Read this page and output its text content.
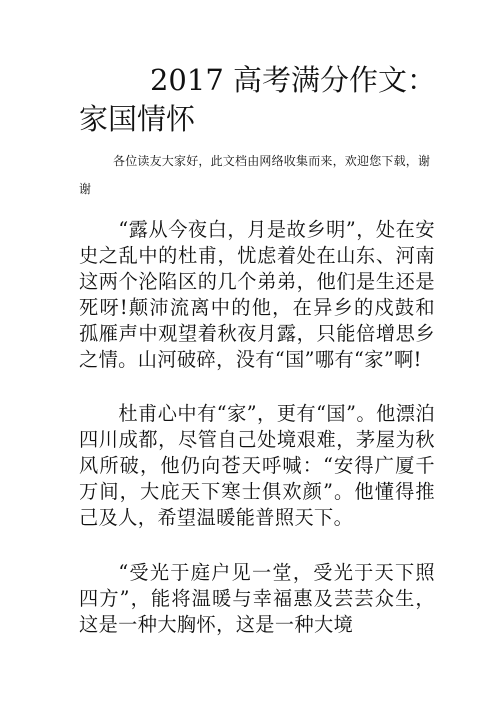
2017 高考满分作文：
家国情怀
各位读友大家好，此文档由网络收集而来，欢迎您下载，谢谢
“露从今夜白，月是故乡明”，处在安史之乱中的杜甫，忧虑着处在山东、河南这两个沦陷区的几个弟弟，他们是生还是死呀!颠沛流离中的他，在异乡的戍鼓和孤雁声中观望着秋夜月露，只能倍增思乡之情。山河破碎，没有“国”哪有“家”啊!
杜甫心中有“家”，更有“国”。他漂泊四川成都，尽管自己处境艰难，茅屋为秋风所破，他仍向苍天呼喊：“安得广厦千万间，大庇天下寒士俱欢颜”。他懂得推己及人，希望温暖能普照天下。
“受光于庭户见一堂，受光于天下照四方”，能将温暖与幸福惠及芸芸众生，这是一种大胸怀，这是一种大境
